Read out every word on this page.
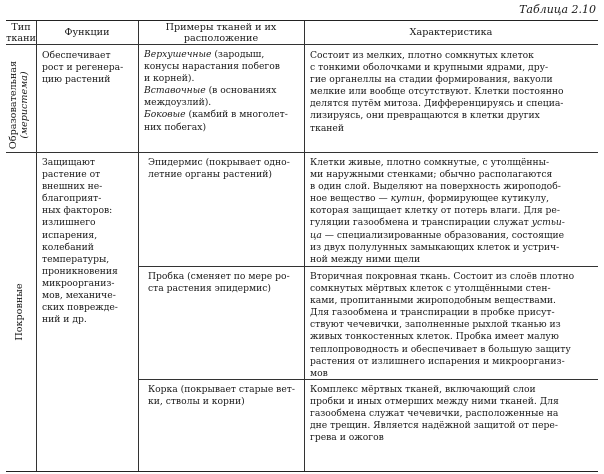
Таблица 2.10
Тип ткани
Функции	Примеры тканей и их расположение
Характеристика
Образовательная (меристема)

Обеспечивает

рост и регенера-

цию растений

Верхушечные (зародыш,

конусы нарастания побегов

и корней).

Вставочные (в основаниях

междоузлий).

Боковые (камбий в многолет-

них побегах)

Состоит из мелких, плотно сомкнутых клеток

с тонкими оболочками и крупными ядрами, дру-

гие органеллы на стадии формирования, вакуоли

мелкие или вообще отсутствуют. Клетки постоянно

делятся путём митоза. Дифференцируясь и специа-

лизируясь, они превращаются в клетки других

тканей

Покровные

Защищают

растение от

внешних не-

благоприят-

ных факторов:

излишнего

испарения,

колебаний

температуры,

проникновения

микроорганиз-

мов, механиче-

ских поврежде-

ний и др.

Эпидермис (покрывает одно-

летние органы растений)

Клетки живые, плотно сомкнутые, с утолщённы-

ми наружными стенками; обычно располагаются

в один слой. Выделяют на поверхность жироподоб-

ное вещество — кутин, формирующее кутикулу,

которая защищает клетку от потерь влаги. Для ре-

гуляции газообмена и транспирации служат устьи-

ца — специализированные образования, состоящие

из двух полулунных замыкающих клеток и устрич-

ной между ними щели

Пробка (сменяет по мере ро-

ста растения эпидермис)

Вторичная покровная ткань. Состоит из слоёв плотно

сомкнутых мёртвых клеток с утолщёнными стен-

ками, пропитанными жироподобным веществами.

Для газообмена и транспирации в пробке присут-

ствуют чечевички, заполненные рыхлой тканью из

живых тонкостенных клеток. Пробка имеет малую

теплопроводность и обеспечивает в большую защиту

растения от излишнего испарения и микроорганиз-

мов

Корка (покрывает старые вет-

ки, стволы и корни)

Комплекс мёртвых тканей, включающий слои

пробки и иных отмерших между ними тканей. Для

газообмена служат чечевички, расположенные на

дне трещин. Является надёжной защитой от пере-

грева и ожогов
